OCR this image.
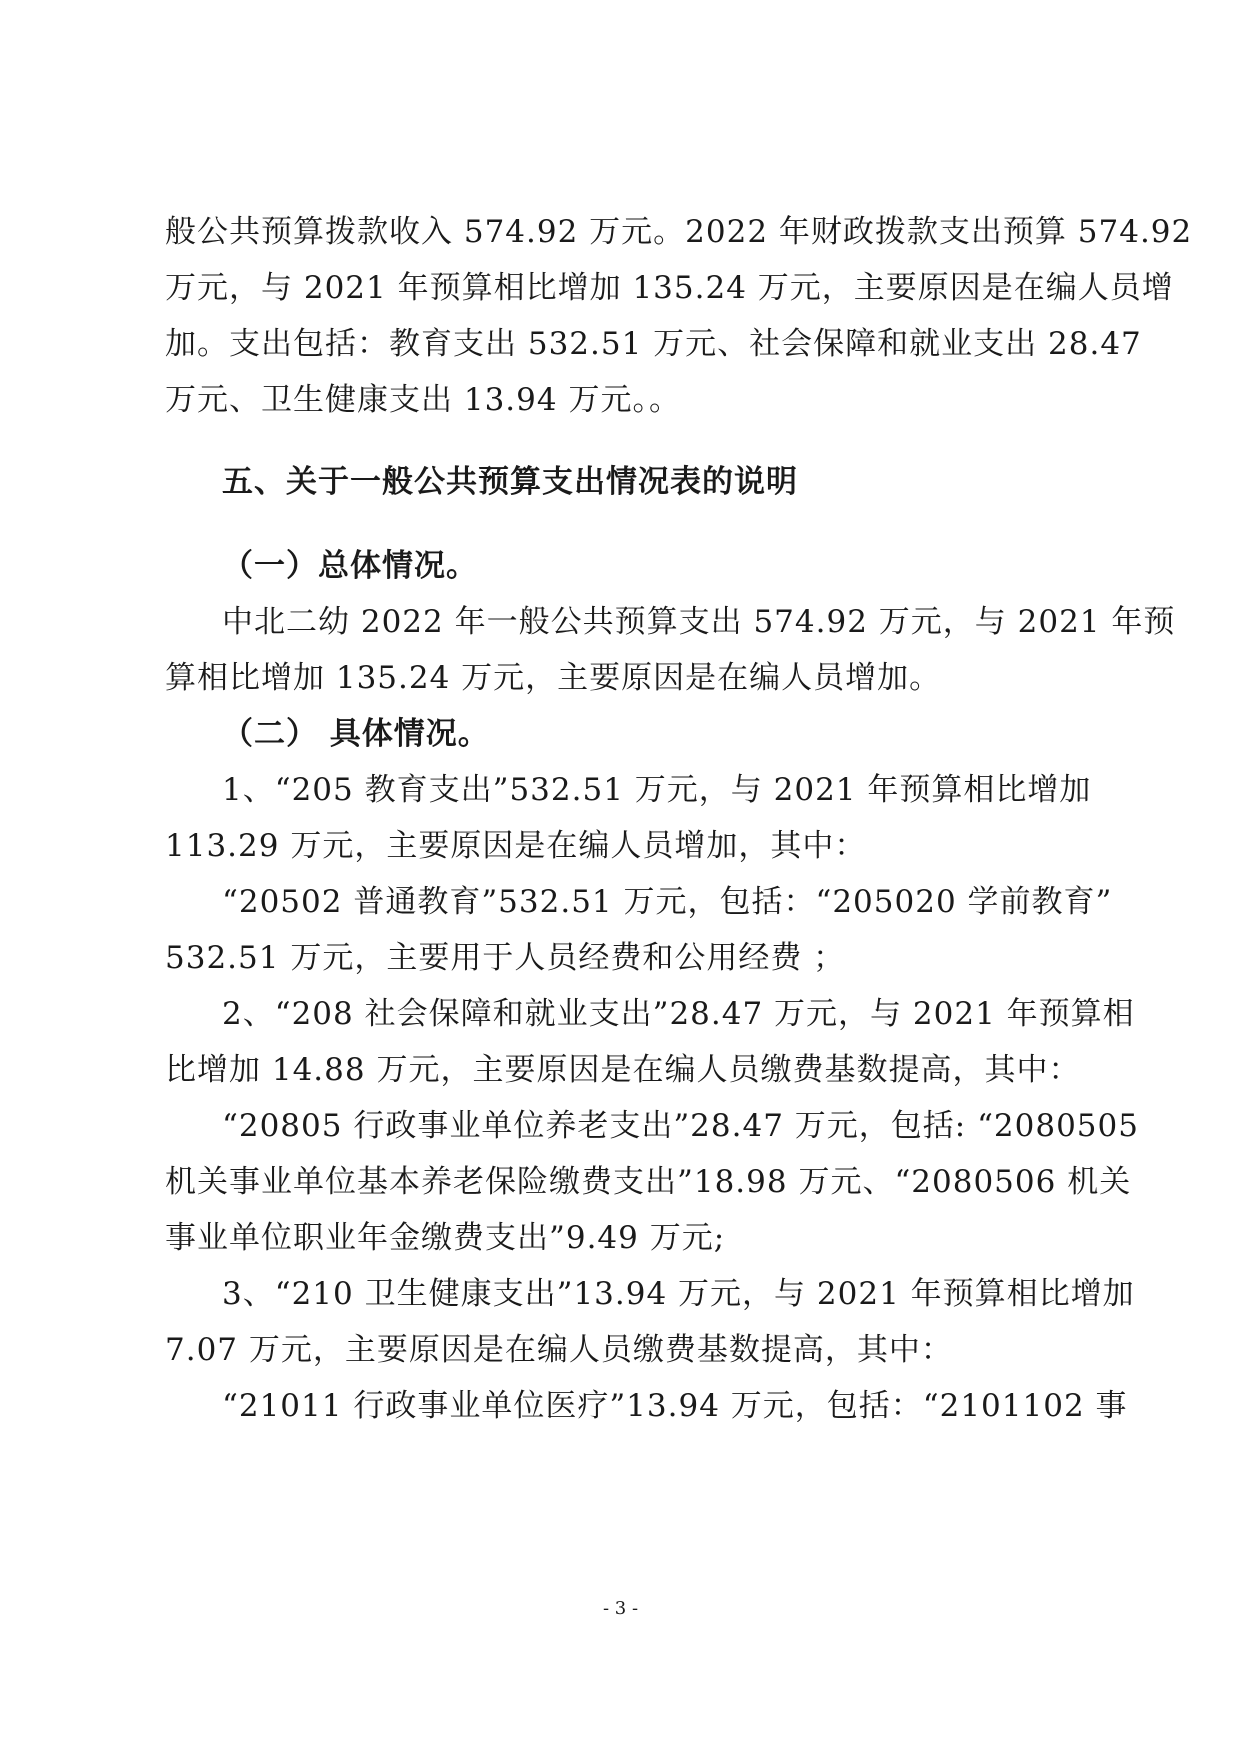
般公共预算拨款收入 574.92 万元。2022 年财政拨款支出预算 574.92
万元，与 2021 年预算相比增加 135.24 万元，主要原因是在编人员增
加。支出包括：教育支出 532.51 万元、社会保障和就业支出 28.47
万元、卫生健康支出 13.94 万元。。
五、关于一般公共预算支出情况表的说明
（一）总体情况。
中北二幼 2022 年一般公共预算支出 574.92 万元，与 2021 年预
算相比增加 135.24 万元，主要原因是在编人员增加。
（二） 具体情况。
1、“205 教育支出”532.51 万元，与 2021 年预算相比增加
113.29 万元，主要原因是在编人员增加，其中：
“20502 普通教育”532.51 万元，包括：“205020 学前教育”
532.51 万元，主要用于人员经费和公用经费 ；
2、“208 社会保障和就业支出”28.47 万元，与 2021 年预算相
比增加 14.88 万元，主要原因是在编人员缴费基数提高，其中：
“20805 行政事业单位养老支出”28.47 万元，包括: “2080505
机关事业单位基本养老保险缴费支出”18.98 万元、“2080506 机关
事业单位职业年金缴费支出”9.49 万元;
3、“210 卫生健康支出”13.94 万元，与 2021 年预算相比增加
7.07 万元，主要原因是在编人员缴费基数提高，其中：
“21011 行政事业单位医疗”13.94 万元，包括：“2101102 事
- 3 -
